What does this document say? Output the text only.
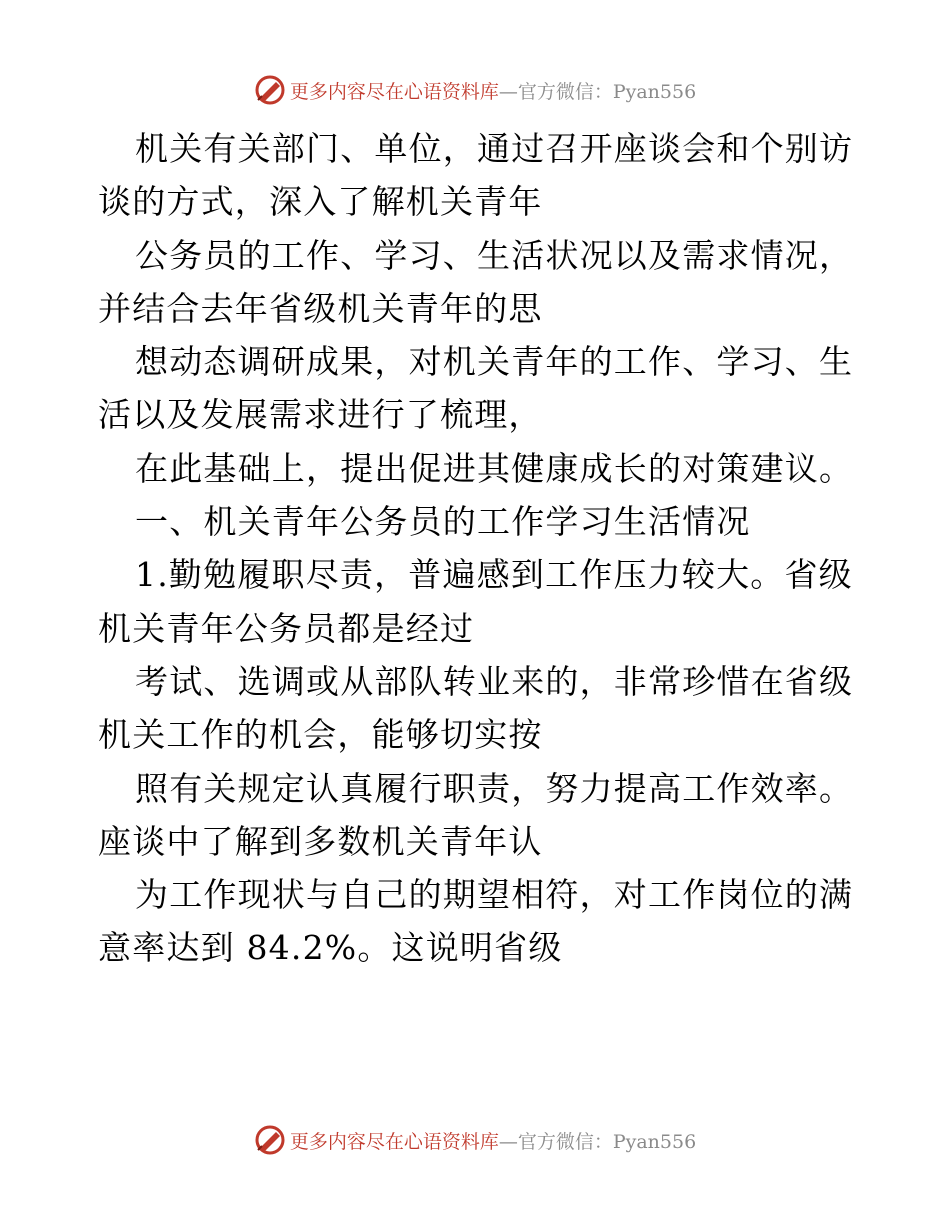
更多内容尽在心语资料库—官方微信：Pyan556
机关有关部门、单位，通过召开座谈会和个别访
谈的方式，深入了解机关青年
公务员的工作、学习、生活状况以及需求情况，
并结合去年省级机关青年的思
想动态调研成果，对机关青年的工作、学习、生
活以及发展需求进行了梳理，
在此基础上，提出促进其健康成长的对策建议。
一、机关青年公务员的工作学习生活情况
1.勤勉履职尽责，普遍感到工作压力较大。省级
机关青年公务员都是经过
考试、选调或从部队转业来的，非常珍惜在省级
机关工作的机会，能够切实按
照有关规定认真履行职责，努力提高工作效率。
座谈中了解到多数机关青年认
为工作现状与自己的期望相符，对工作岗位的满
意率达到 84.2%。这说明省级
更多内容尽在心语资料库—官方微信：Pyan556
